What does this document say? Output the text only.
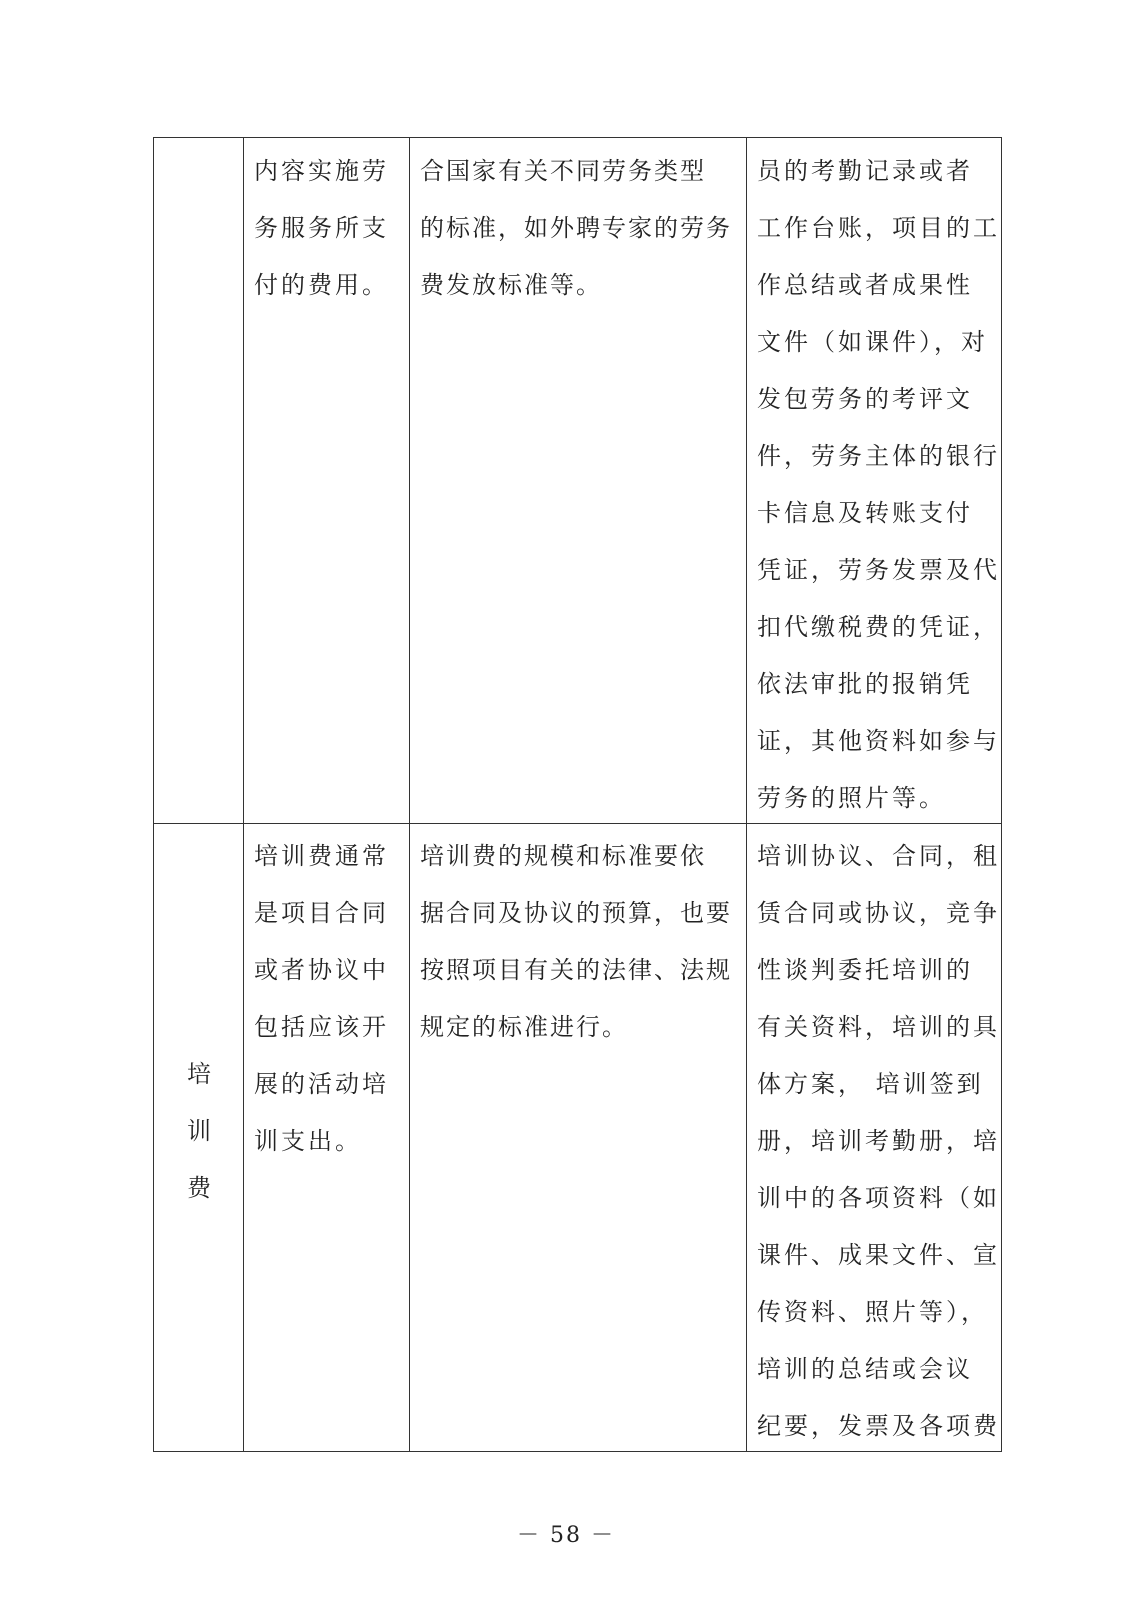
内容实施劳
务服务所支
付的费用。
合国家有关不同劳务类型
的标准，如外聘专家的劳务
费发放标准等。
员的考勤记录或者
工作台账，项目的工
作总结或者成果性
文件（如课件），对
发包劳务的考评文
件，劳务主体的银行
卡信息及转账支付
凭证，劳务发票及代
扣代缴税费的凭证，
依法审批的报销凭
证，其他资料如参与
劳务的照片等。
培
训
费
培训费通常
是项目合同
或者协议中
包括应该开
展的活动培
训支出。
培训费的规模和标准要依
据合同及协议的预算，也要
按照项目有关的法律、法规
规定的标准进行。
培训协议、合同，租
赁合同或协议，竞争
性谈判委托培训的
有关资料，培训的具
体方案， 培训签到
册，培训考勤册，培
训中的各项资料（如
课件、成果文件、宣
传资料、照片等），
培训的总结或会议
纪要，发票及各项费
－ 58 －
